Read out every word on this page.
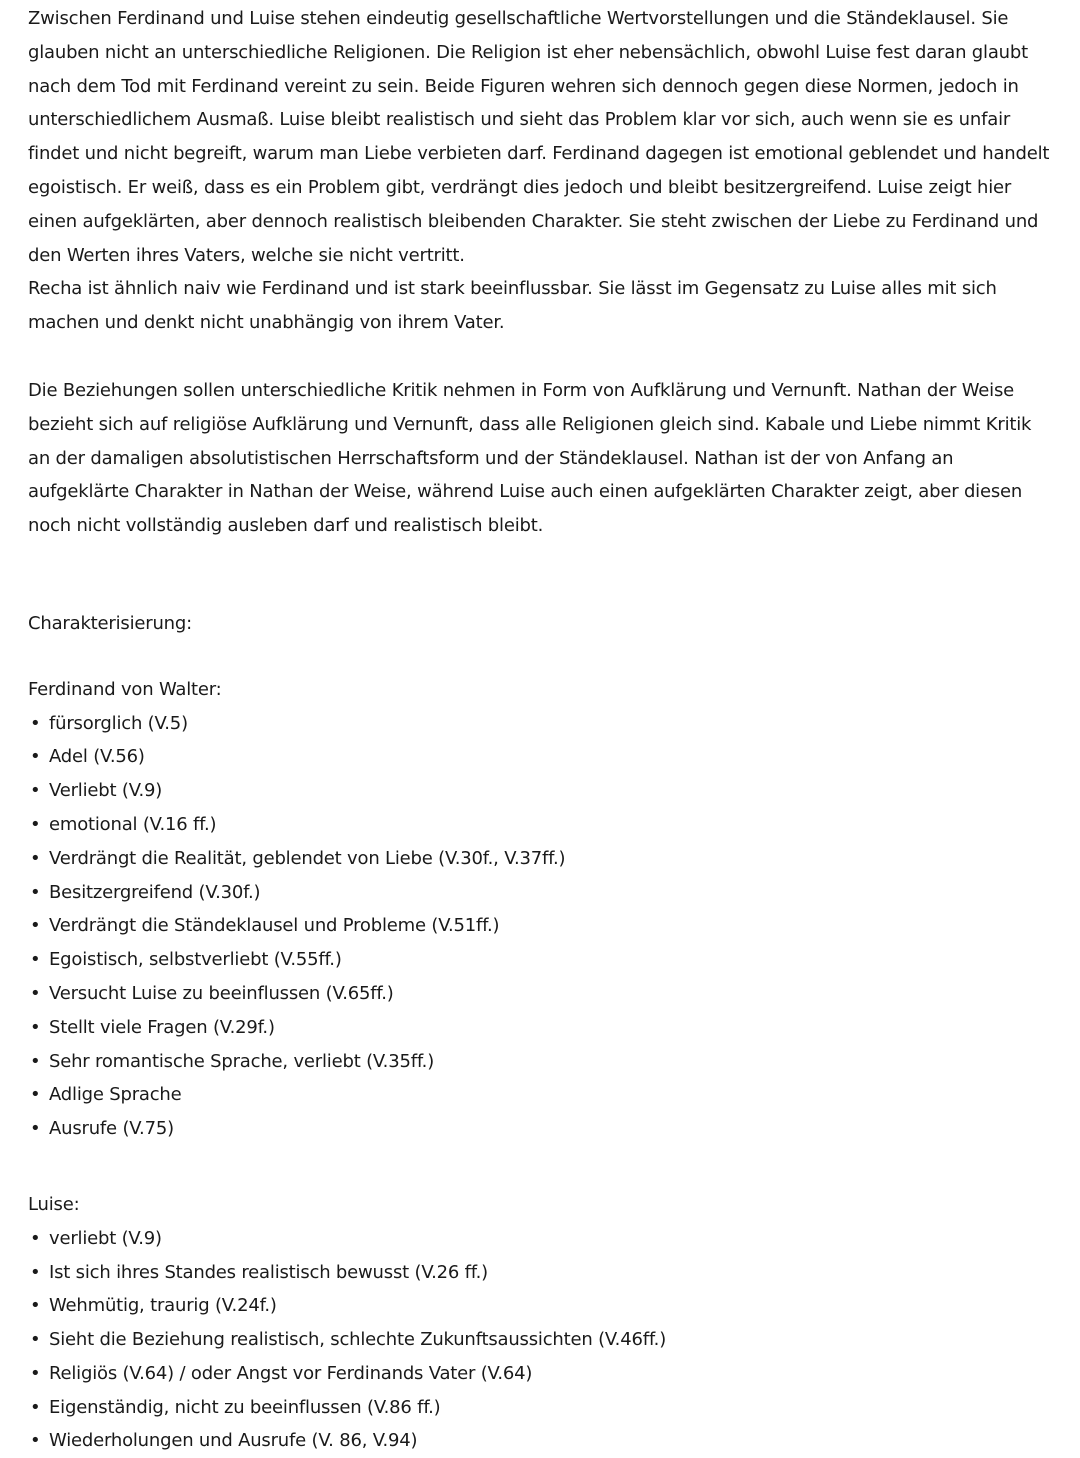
Zwischen Ferdinand und Luise stehen eindeutig gesellschaftliche Wertvorstellungen und die Ständeklausel. Sie glauben nicht an unterschiedliche Religionen. Die Religion ist eher nebensächlich, obwohl Luise fest daran glaubt nach dem Tod mit Ferdinand vereint zu sein. Beide Figuren wehren sich dennoch gegen diese Normen, jedoch in unterschiedlichem Ausmaß. Luise bleibt realistisch und sieht das Problem klar vor sich, auch wenn sie es unfair findet und nicht begreift, warum man Liebe verbieten darf. Ferdinand dagegen ist emotional geblendet und handelt egoistisch. Er weiß, dass es ein Problem gibt, verdrängt dies jedoch und bleibt besitzergreifend. Luise zeigt hier einen aufgeklärten, aber dennoch realistisch bleibenden Charakter. Sie steht zwischen der Liebe zu Ferdinand und den Werten ihres Vaters, welche sie nicht vertritt.

Recha ist ähnlich naiv wie Ferdinand und ist stark beeinflussbar. Sie lässt im Gegensatz zu Luise alles mit sich machen und denkt nicht unabhängig von ihrem Vater.

Die Beziehungen sollen unterschiedliche Kritik nehmen in Form von Aufklärung und Vernunft. Nathan der Weise bezieht sich auf religiöse Aufklärung und Vernunft, dass alle Religionen gleich sind. Kabale und Liebe nimmt Kritik an der damaligen absolutistischen Herrschaftsform und der Ständeklausel. Nathan ist der von Anfang an aufgeklärte Charakter in Nathan der Weise, während Luise auch einen aufgeklärten Charakter zeigt, aber diesen noch nicht vollständig ausleben darf und realistisch bleibt.

Charakterisierung:

Ferdinand von Walter:

• fürsorglich (V.5)
• Adel (V.56)
• Verliebt (V.9)
• emotional (V.16 ff.)
• Verdrängt die Realität, geblendet von Liebe (V.30f., V.37ff.)
• Besitzergreifend (V.30f.)
• Verdrängt die Ständeklausel und Probleme (V.51ff.)
• Egoistisch, selbstverliebt (V.55ff.)
• Versucht Luise zu beeinflussen (V.65ff.)
• Stellt viele Fragen (V.29f.)
• Sehr romantische Sprache, verliebt (V.35ff.)
• Adlige Sprache
• Ausrufe (V.75)

Luise:

• verliebt (V.9)
• Ist sich ihres Standes realistisch bewusst (V.26 ff.)
• Wehmütig, traurig (V.24f.)
• Sieht die Beziehung realistisch, schlechte Zukunftsaussichten (V.46ff.)
• Religiös (V.64) / oder Angst vor Ferdinands Vater (V.64)
• Eigenständig, nicht zu beeinflussen (V.86 ff.)
• Wiederholungen und Ausrufe (V. 86, V.94)
